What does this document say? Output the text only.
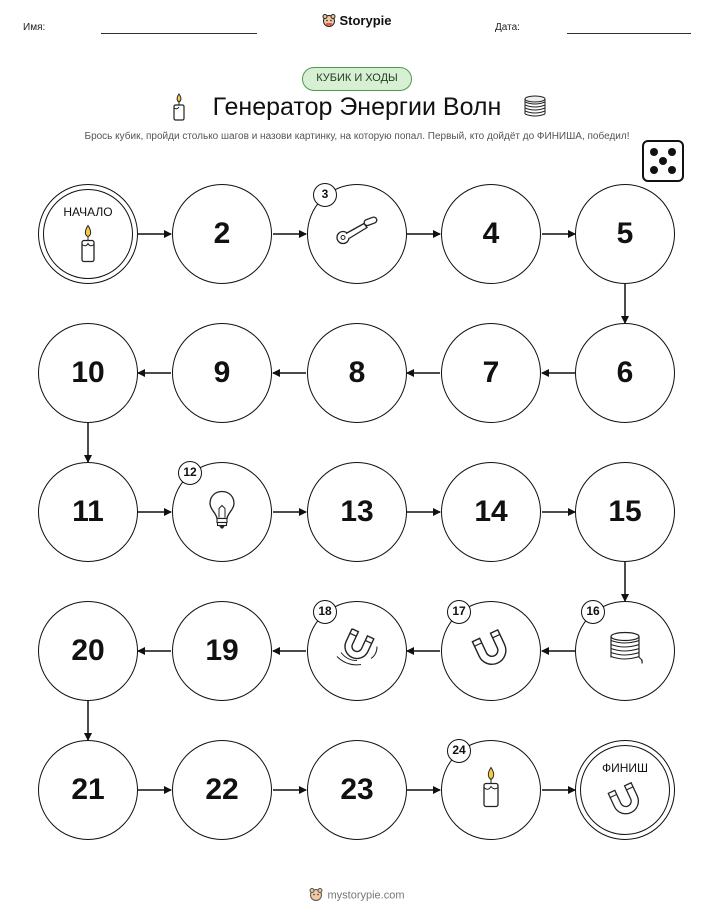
Имя:	Storypie	Дата:
КУБИК И ХОДЫ
Генератор Энергии Волн
Брось кубик, пройди столько шагов и назови картинку, на которую попал. Первый, кто дойдёт до ФИНИША, победил!
НАЧАЛО
2
3
4	5
6
7
8
9
10
11
12
13	14	15
16
17
18
19
20
21	22	23
24
ФИНИШ
mystorypie.com
